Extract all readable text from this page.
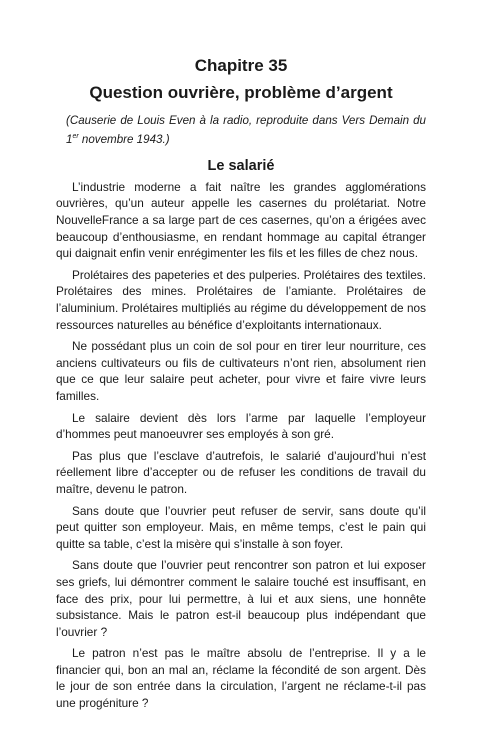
Chapitre 35
Question ouvrière, problème d’argent

(Causerie de Louis Even à la radio, reproduite dans Vers Demain du 1er novembre 1943.)

Le salarié

L’industrie moderne a fait naître les grandes agglomérations ouvrières, qu’un auteur appelle les casernes du prolétariat. Notre NouvelleFrance a sa large part de ces casernes, qu’on a érigées avec beaucoup d’enthousiasme, en rendant hommage au capital étranger qui daignait enfin venir enrégimenter les fils et les filles de chez nous.

Prolétaires des papeteries et des pulperies. Prolétaires des textiles. Prolétaires des mines. Prolétaires de l’amiante. Prolétaires de l’aluminium. Prolétaires multipliés au régime du développement de nos ressources naturelles au bénéfice d’exploitants internationaux.

Ne possédant plus un coin de sol pour en tirer leur nourriture, ces anciens cultivateurs ou fils de cultivateurs n’ont rien, absolument rien que ce que leur salaire peut acheter, pour vivre et faire vivre leurs familles.

Le salaire devient dès lors l’arme par laquelle l’employeur d’hommes peut manoeuvrer ses employés à son gré.

Pas plus que l’esclave d’autrefois, le salarié d’aujourd’hui n’est réellement libre d’accepter ou de refuser les conditions de travail du maître, devenu le patron.

Sans doute que l’ouvrier peut refuser de servir, sans doute qu’il peut quitter son employeur. Mais, en même temps, c’est le pain qui quitte sa table, c’est la misère qui s’installe à son foyer.

Sans doute que l’ouvrier peut rencontrer son patron et lui exposer ses griefs, lui démontrer comment le salaire touché est insuffisant, en face des prix, pour lui permettre, à lui et aux siens, une honnête subsistance. Mais le patron est-il beaucoup plus indépendant que l’ouvrier ?

Le patron n’est pas le maître absolu de l’entreprise. Il y a le financier qui, bon an mal an, réclame la fécondité de son argent. Dès le jour de son entrée dans la circulation, l’argent ne réclame-t-il pas une progéniture ?
